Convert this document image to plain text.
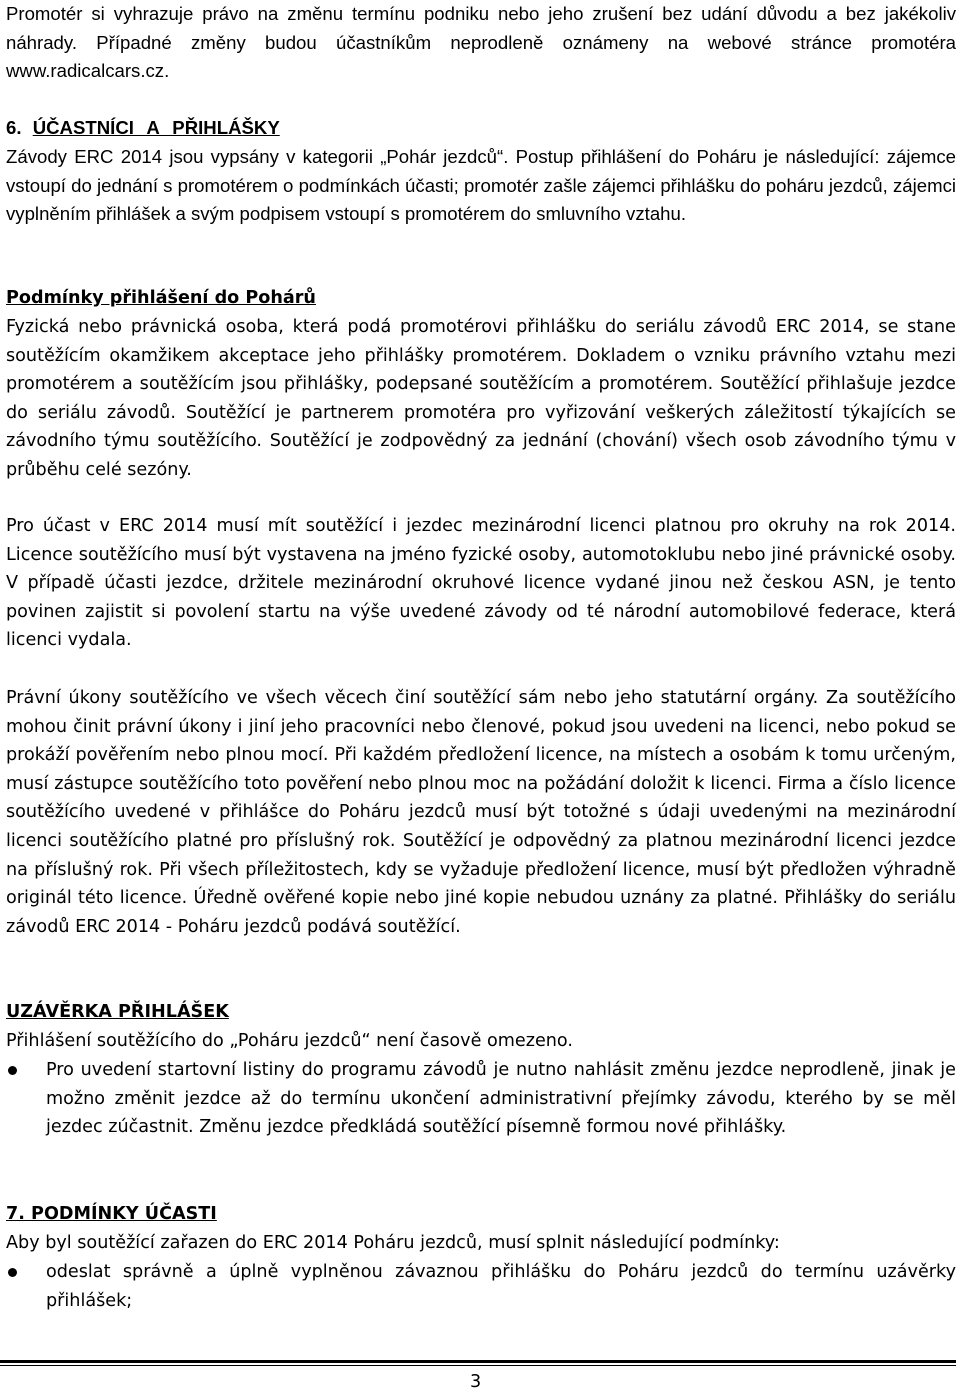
Promotér si vyhrazuje právo na změnu termínu podniku nebo jeho zrušení bez udání důvodu a bez jakékoliv náhrady. Případné změny budou účastníkům neprodleně oznámeny na webové stránce promotéra www.radicalcars.cz.

6. ÚČASTNÍCI A PŘIHLÁŠKY

Závody ERC 2014 jsou vypsány v kategorii „Pohár jezdců“. Postup přihlášení do Poháru je následující: zájemce vstoupí do jednání s promotérem o podmínkách účasti; promotér zašle zájemci přihlášku do poháru jezdců, zájemci vyplněním přihlášek a svým podpisem vstoupí s promotérem do smluvního vztahu.

Podmínky přihlášení do Pohárů

Fyzická nebo právnická osoba, která podá promotérovi přihlášku do seriálu závodů ERC 2014, se stane soutěžícím okamžikem akceptace jeho přihlášky promotérem. Dokladem o vzniku právního vztahu mezi promotérem a soutěžícím jsou přihlášky, podepsané soutěžícím a promotérem. Soutěžící přihlašuje jezdce do seriálu závodů. Soutěžící je partnerem promotéra pro vyřizování veškerých záležitostí týkajících se závodního týmu soutěžícího. Soutěžící je zodpovědný za jednání (chování) všech osob závodního týmu v průběhu celé sezóny.

Pro účast v ERC 2014 musí mít soutěžící i jezdec mezinárodní licenci platnou pro okruhy na rok 2014. Licence soutěžícího musí být vystavena na jméno fyzické osoby, automotoklubu nebo jiné právnické osoby. V případě účasti jezdce, držitele mezinárodní okruhové licence vydané jinou než českou ASN, je tento povinen zajistit si povolení startu na výše uvedené závody od té národní automobilové federace, která licenci vydala.

Právní úkony soutěžícího ve všech věcech činí soutěžící sám nebo jeho statutární orgány. Za soutěžícího mohou činit právní úkony i jiní jeho pracovníci nebo členové, pokud jsou uvedeni na licenci, nebo pokud se prokáží pověřením nebo plnou mocí. Při každém předložení licence, na místech a osobám k tomu určeným, musí zástupce soutěžícího toto pověření nebo plnou moc na požádání doložit k licenci. Firma a číslo licence soutěžícího uvedené v přihlášce do Poháru jezdců musí být totožné s údaji uvedenými na mezinárodní licenci soutěžícího platné pro příslušný rok. Soutěžící je odpovědný za platnou mezinárodní licenci jezdce na příslušný rok. Při všech příležitostech, kdy se vyžaduje předložení licence, musí být předložen výhradně originál této licence. Úředně ověřené kopie nebo jiné kopie nebudou uznány za platné. Přihlášky do seriálu závodů ERC 2014 - Poháru jezdců podává soutěžící.

UZÁVĚRKA PŘIHLÁŠEK

Přihlášení soutěžícího do „Poháru jezdců“ není časově omezeno.

Pro uvedení startovní listiny do programu závodů je nutno nahlásit změnu jezdce neprodleně, jinak je možno změnit jezdce až do termínu ukončení administrativní přejímky závodu, kterého by se měl jezdec zúčastnit. Změnu jezdce předkládá soutěžící písemně formou nové přihlášky.

7. PODMÍNKY ÚČASTI

Aby byl soutěžící zařazen do ERC 2014 Poháru jezdců, musí splnit následující podmínky:

odeslat správně a úplně vyplněnou závaznou přihlášku do Poháru jezdců do termínu uzávěrky přihlášek;

3
